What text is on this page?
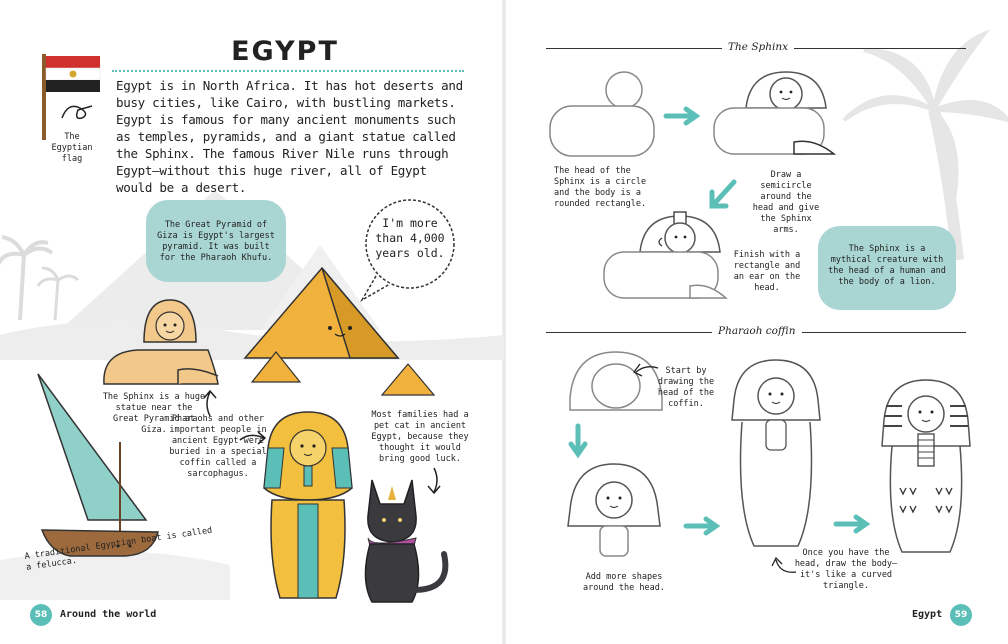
The Egyptian flag
EGYPT
Egypt is in North Africa. It has hot deserts and busy cities, like Cairo, with bustling markets. Egypt is famous for many ancient monuments such as temples, pyramids, and a giant statue called the Sphinx. The famous River Nile runs through Egypt—without this huge river, all of Egypt would be a desert.
The Great Pyramid of Giza is Egypt's largest pyramid. It was built for the Pharaoh Khufu.
I'm more than 4,000 years old.
The Sphinx is a huge statue near the Great Pyramid at Giza.
A traditional Egyptian boat is called a felucca.
Pharaohs and other important people in ancient Egypt were buried in a special coffin called a sarcophagus.
Most families had a pet cat in ancient Egypt, because they thought it would bring good luck.
58	Around the world
The Sphinx
The head of the Sphinx is a circle and the body is a rounded rectangle.
Draw a semicircle around the head and give the Sphinx arms.
Finish with a rectangle and an ear on the head.
The Sphinx is a mythical creature with the head of a human and the body of a lion.
Pharaoh coffin
Start by drawing the head of the coffin.
Add more shapes around the head.
Once you have the head, draw the body—it's like a curved triangle.
Egypt	59
